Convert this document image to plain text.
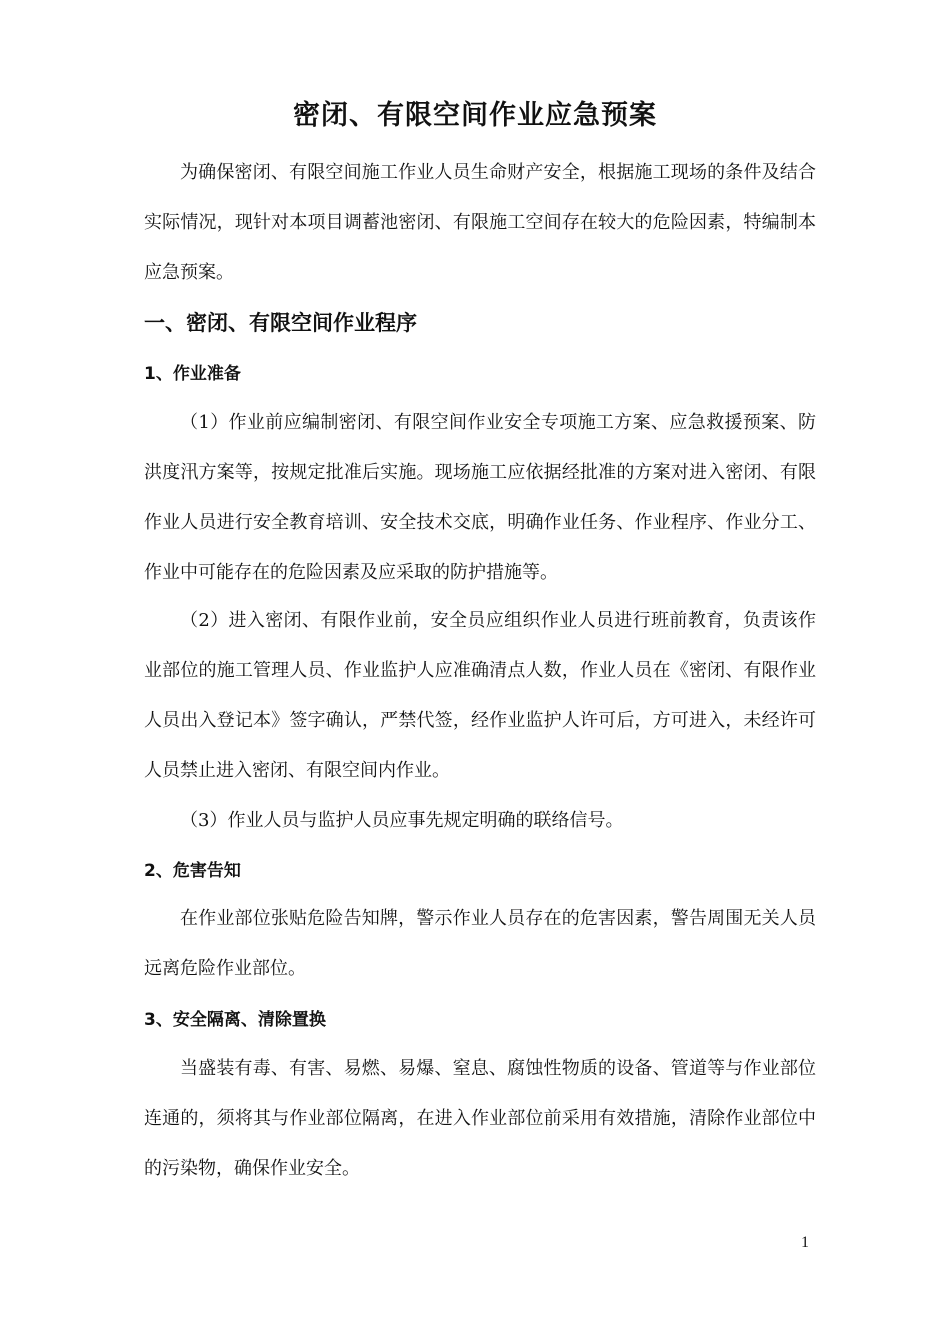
密闭、有限空间作业应急预案

为确保密闭、有限空间施工作业人员生命财产安全，根据施工现场的条件及结合实际情况，现针对本项目调蓄池密闭、有限施工空间存在较大的危险因素，特编制本应急预案。

一、密闭、有限空间作业程序
1、作业准备

（1）作业前应编制密闭、有限空间作业安全专项施工方案、应急救援预案、防洪度汛方案等，按规定批准后实施。现场施工应依据经批准的方案对进入密闭、有限作业人员进行安全教育培训、安全技术交底，明确作业任务、作业程序、作业分工、作业中可能存在的危险因素及应采取的防护措施等。

（2）进入密闭、有限作业前，安全员应组织作业人员进行班前教育，负责该作业部位的施工管理人员、作业监护人应准确清点人数，作业人员在《密闭、有限作业人员出入登记本》签字确认，严禁代签，经作业监护人许可后，方可进入，未经许可人员禁止进入密闭、有限空间内作业。

（3）作业人员与监护人员应事先规定明确的联络信号。

2、危害告知

在作业部位张贴危险告知牌，警示作业人员存在的危害因素，警告周围无关人员远离危险作业部位。

3、安全隔离、清除置换

当盛装有毒、有害、易燃、易爆、窒息、腐蚀性物质的设备、管道等与作业部位连通的，须将其与作业部位隔离，在进入作业部位前采用有效措施，清除作业部位中的污染物，确保作业安全。

1
